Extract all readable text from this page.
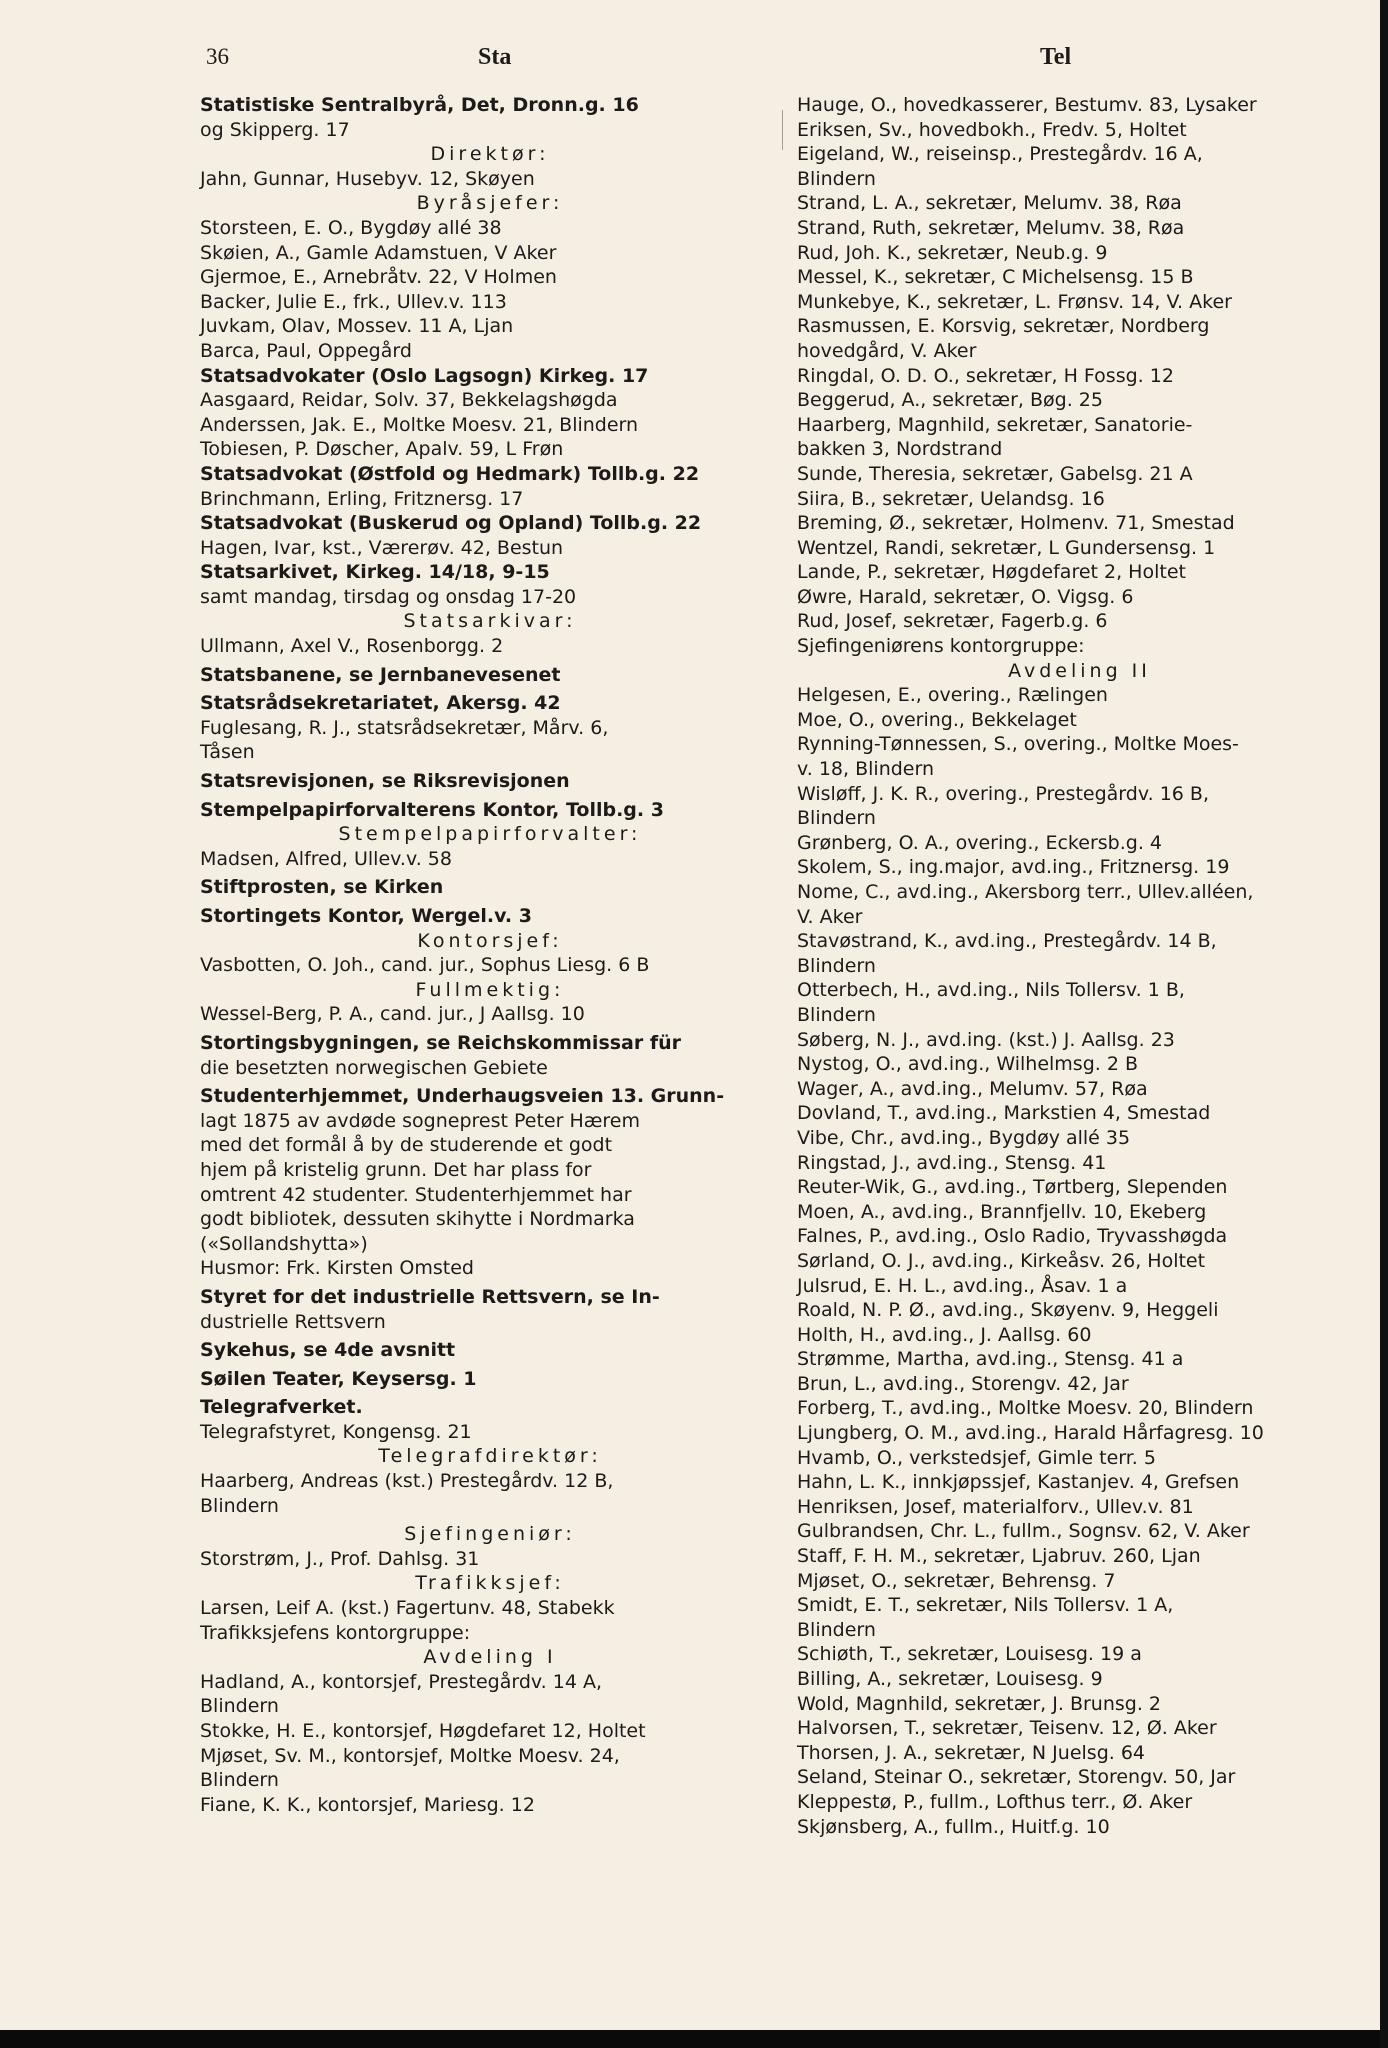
36	Sta	Tel
Statistiske Sentralbyrå, Det, Dronn.g. 16
og Skipperg. 17
Direktør:
Jahn, Gunnar, Husebyv. 12, Skøyen
Byråsjefer:
Storsteen, E. O., Bygdøy allé 38
Skøien, A., Gamle Adamstuen, V Aker
Gjermoe, E., Arnebråtv. 22, V Holmen
Backer, Julie E., frk., Ullev.v. 113
Juvkam, Olav, Mossev. 11 A, Ljan
Barca, Paul, Oppegård
Statsadvokater (Oslo Lagsogn) Kirkeg. 17
Aasgaard, Reidar, Solv. 37, Bekkelagshøgda
Anderssen, Jak. E., Moltke Moesv. 21, Blindern
Tobiesen, P. Døscher, Apalv. 59, L Frøn
Statsadvokat (Østfold og Hedmark) Tollb.g. 22
Brinchmann, Erling, Fritznersg. 17
Statsadvokat (Buskerud og Opland) Tollb.g. 22
Hagen, Ivar, kst., Værerøv. 42, Bestun
Statsarkivet, Kirkeg. 14/18, 9-15
samt mandag, tirsdag og onsdag 17-20
Statsarkivar:
Ullmann, Axel V., Rosenborgg. 2
Statsbanene, se Jernbanevesenet
Statsrådsekretariatet, Akersg. 42
Fuglesang, R. J., statsrådsekretær, Mårv. 6,
Tåsen
Statsrevisjonen, se Riksrevisjonen
Stempelpapirforvalterens Kontor, Tollb.g. 3
Stempelpapirforvalter:
Madsen, Alfred, Ullev.v. 58
Stiftprosten, se Kirken
Stortingets Kontor, Wergel.v. 3
Kontorsjef:
Vasbotten, O. Joh., cand. jur., Sophus Liesg. 6 B
Fullmektig:
Wessel-Berg, P. A., cand. jur., J Aallsg. 10
Stortingsbygningen, se Reichskommissar für
die besetzten norwegischen Gebiete
Studenterhjemmet, Underhaugsveien 13. Grunn-
lagt 1875 av avdøde sogneprest Peter Hærem
med det formål å by de studerende et godt
hjem på kristelig grunn. Det har plass for
omtrent 42 studenter. Studenterhjemmet har
godt bibliotek, dessuten skihytte i Nordmarka
(«Sollandshytta»)
Husmor: Frk. Kirsten Omsted
Styret for det industrielle Rettsvern, se In-
dustrielle Rettsvern
Sykehus, se 4de avsnitt
Søilen Teater, Keysersg. 1
Telegrafverket.
Telegrafstyret, Kongensg. 21
Telegrafdirektør:
Haarberg, Andreas (kst.) Prestegårdv. 12 B,
Blindern
Sjefingeniør:
Storstrøm, J., Prof. Dahlsg. 31
Trafikksjef:
Larsen, Leif A. (kst.) Fagertunv. 48, Stabekk
Trafikksjefens kontorgruppe:
Avdeling I
Hadland, A., kontorsjef, Prestegårdv. 14 A,
Blindern
Stokke, H. E., kontorsjef, Høgdefaret 12, Holtet
Mjøset, Sv. M., kontorsjef, Moltke Moesv. 24,
Blindern
Fiane, K. K., kontorsjef, Mariesg. 12
Hauge, O., hovedkasserer, Bestumv. 83, Lysaker
Eriksen, Sv., hovedbokh., Fredv. 5, Holtet
Eigeland, W., reiseinsp., Prestegårdv. 16 A,
Blindern
Strand, L. A., sekretær, Melumv. 38, Røa
Strand, Ruth, sekretær, Melumv. 38, Røa
Rud, Joh. K., sekretær, Neub.g. 9
Messel, K., sekretær, C Michelsensg. 15 B
Munkebye, K., sekretær, L. Frønsv. 14, V. Aker
Rasmussen, E. Korsvig, sekretær, Nordberg
hovedgård, V. Aker
Ringdal, O. D. O., sekretær, H Fossg. 12
Beggerud, A., sekretær, Bøg. 25
Haarberg, Magnhild, sekretær, Sanatorie-
bakken 3, Nordstrand
Sunde, Theresia, sekretær, Gabelsg. 21 A
Siira, B., sekretær, Uelandsg. 16
Breming, Ø., sekretær, Holmenv. 71, Smestad
Wentzel, Randi, sekretær, L Gundersensg. 1
Lande, P., sekretær, Høgdefaret 2, Holtet
Øwre, Harald, sekretær, O. Vigsg. 6
Rud, Josef, sekretær, Fagerb.g. 6
Sjefingeniørens kontorgruppe:
Avdeling II
Helgesen, E., overing., Rælingen
Moe, O., overing., Bekkelaget
Rynning-Tønnessen, S., overing., Moltke Moes-
v. 18, Blindern
Wisløff, J. K. R., overing., Prestegårdv. 16 B,
Blindern
Grønberg, O. A., overing., Eckersb.g. 4
Skolem, S., ing.major, avd.ing., Fritznersg. 19
Nome, C., avd.ing., Akersborg terr., Ullev.alléen,
V. Aker
Stavøstrand, K., avd.ing., Prestegårdv. 14 B,
Blindern
Otterbech, H., avd.ing., Nils Tollersv. 1 B,
Blindern
Søberg, N. J., avd.ing. (kst.) J. Aallsg. 23
Nystog, O., avd.ing., Wilhelmsg. 2 B
Wager, A., avd.ing., Melumv. 57, Røa
Dovland, T., avd.ing., Markstien 4, Smestad
Vibe, Chr., avd.ing., Bygdøy allé 35
Ringstad, J., avd.ing., Stensg. 41
Reuter-Wik, G., avd.ing., Tørtberg, Slependen
Moen, A., avd.ing., Brannfjellv. 10, Ekeberg
Falnes, P., avd.ing., Oslo Radio, Tryvasshøgda
Sørland, O. J., avd.ing., Kirkeåsv. 26, Holtet
Julsrud, E. H. L., avd.ing., Åsav. 1 a
Roald, N. P. Ø., avd.ing., Skøyenv. 9, Heggeli
Holth, H., avd.ing., J. Aallsg. 60
Strømme, Martha, avd.ing., Stensg. 41 a
Brun, L., avd.ing., Storengv. 42, Jar
Forberg, T., avd.ing., Moltke Moesv. 20, Blindern
Ljungberg, O. M., avd.ing., Harald Hårfagresg. 10
Hvamb, O., verkstedsjef, Gimle terr. 5
Hahn, L. K., innkjøpssjef, Kastanjev. 4, Grefsen
Henriksen, Josef, materialforv., Ullev.v. 81
Gulbrandsen, Chr. L., fullm., Sognsv. 62, V. Aker
Staff, F. H. M., sekretær, Ljabruv. 260, Ljan
Mjøset, O., sekretær, Behrensg. 7
Smidt, E. T., sekretær, Nils Tollersv. 1 A,
Blindern
Schiøth, T., sekretær, Louisesg. 19 a
Billing, A., sekretær, Louisesg. 9
Wold, Magnhild, sekretær, J. Brunsg. 2
Halvorsen, T., sekretær, Teisenv. 12, Ø. Aker
Thorsen, J. A., sekretær, N Juelsg. 64
Seland, Steinar O., sekretær, Storengv. 50, Jar
Kleppestø, P., fullm., Lofthus terr., Ø. Aker
Skjønsberg, A., fullm., Huitf.g. 10
